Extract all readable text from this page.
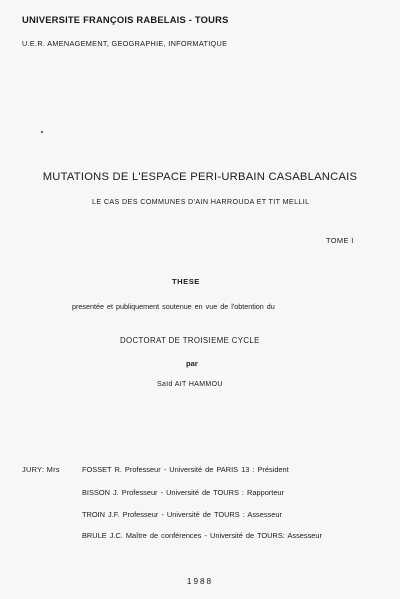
UNIVERSITE FRANÇOIS RABELAIS - TOURS
U.E.R. AMENAGEMENT, GEOGRAPHIE, INFORMATIQUE
MUTATIONS DE L'ESPACE PERI-URBAIN CASABLANCAIS
LE CAS DES COMMUNES D'AIN HARROUDA ET TIT MELLIL
TOME I
THESE
presentée et publiquement soutenue en vue de l'obtention du
DOCTORAT DE TROISIEME CYCLE
par
Saïd AIT HAMMOU
JURY: Mrs	FOSSET R. Professeur - Université de PARIS 13 : Président
BISSON J. Professeur - Université de TOURS : Rapporteur
TROIN J.F. Professeur - Université de TOURS : Assesseur
BRULE J.C. Maître de conférences - Université de TOURS: Assesseur
1988
